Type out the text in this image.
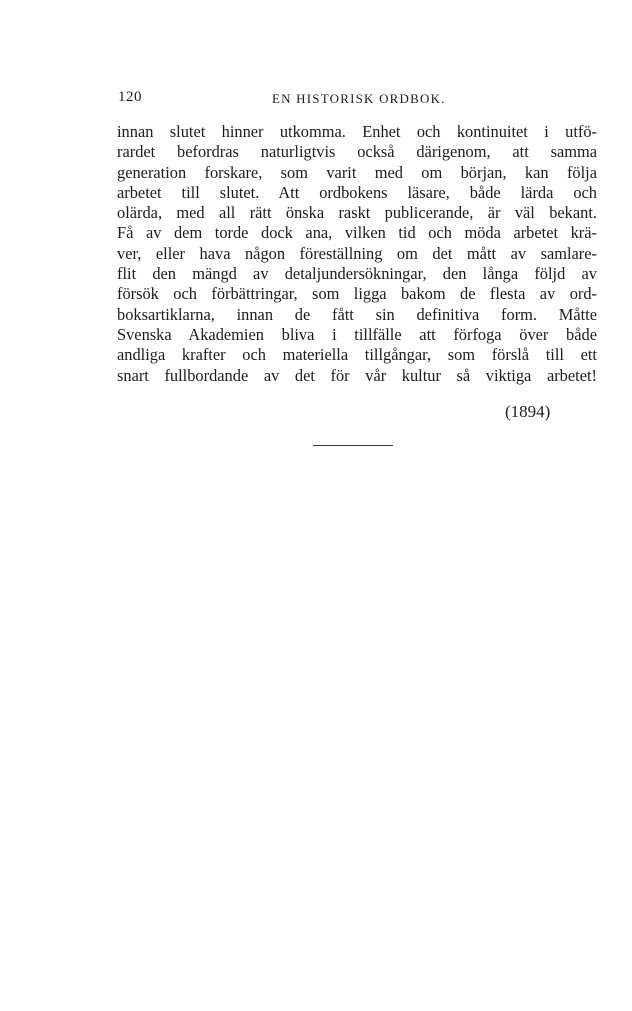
120	EN HISTORISK ORDBOK.
innan slutet hinner utkomma. Enhet och kontinuitet i utfö-
rardet befordras naturligtvis också därigenom, att samma
generation forskare, som varit med om början, kan följa
arbetet till slutet. Att ordbokens läsare, både lärda och
olärda, med all rätt önska raskt publicerande, är väl bekant.
Få av dem torde dock ana, vilken tid och möda arbetet krä-
ver, eller hava någon föreställning om det mått av samlare-
flit den mängd av detaljundersökningar, den långa följd av
försök och förbättringar, som ligga bakom de flesta av ord-
boksartiklarna, innan de fått sin definitiva form. Måtte
Svenska Akademien bliva i tillfälle att förfoga över både
andliga krafter och materiella tillgångar, som förslå till ett
snart fullbordande av det för vår kultur så viktiga arbetet!
(1894)
